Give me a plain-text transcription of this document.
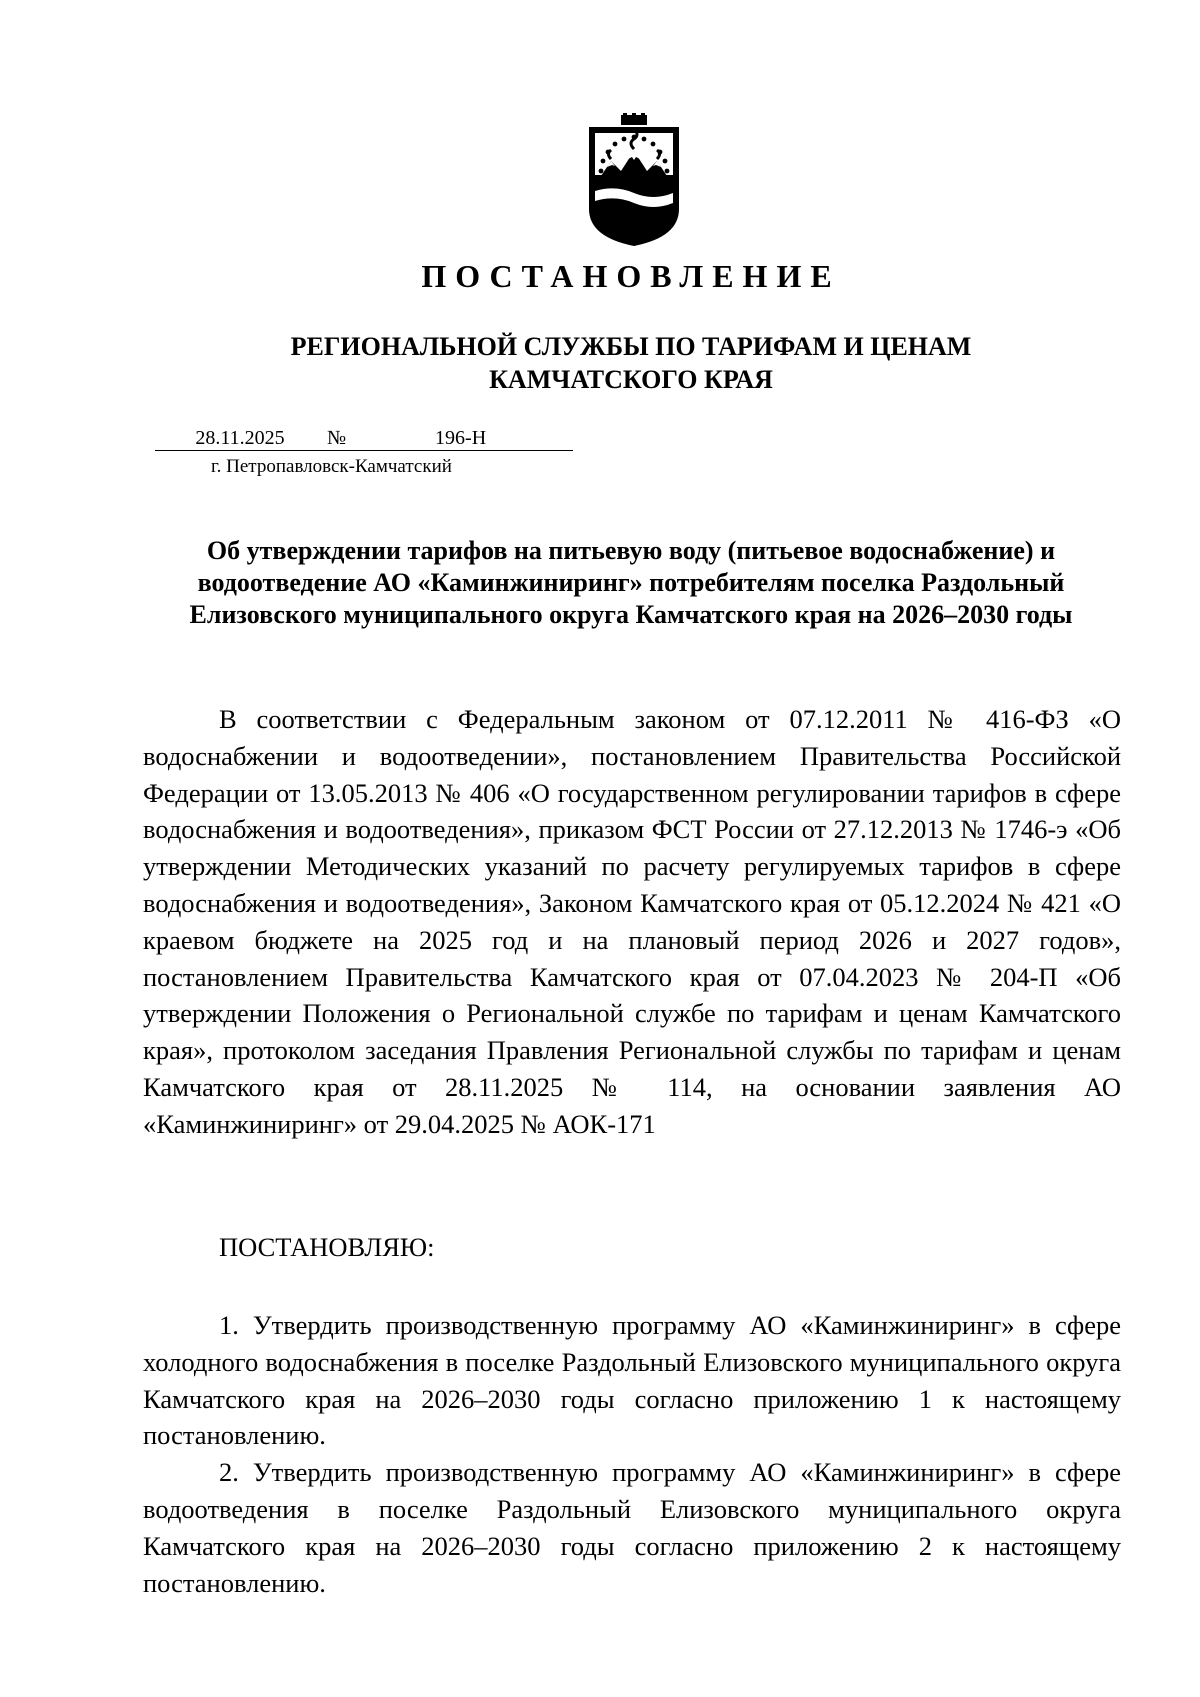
ПОСТАНОВЛЕНИЕ
РЕГИОНАЛЬНОЙ СЛУЖБЫ ПО ТАРИФАМ И ЦЕНАМ
КАМЧАТСКОГО КРАЯ
28.11.2025 №	196-Н
г. Петропавловск-Камчатский
Об утверждении тарифов на питьевую воду (питьевое водоснабжение) и водоотведение АО «Каминжиниринг» потребителям поселка Раздольный Елизовского муниципального округа Камчатского края на 2026–2030 годы

В соответствии с Федеральным законом от 07.12.2011 № 416-ФЗ «О водоснабжении и водоотведении», постановлением Правительства Российской Федерации от 13.05.2013 № 406 «О государственном регулировании тарифов в сфере водоснабжения и водоотведения», приказом ФСТ России от 27.12.2013 № 1746-э «Об утверждении Методических указаний по расчету регулируемых тарифов в сфере водоснабжения и водоотведения», Законом Камчатского края от 05.12.2024 № 421 «О краевом бюджете на 2025 год и на плановый период 2026 и 2027 годов», постановлением Правительства Камчатского края от 07.04.2023 № 204-П «Об утверждении Положения о Региональной службе по тарифам и ценам Камчатского края», протоколом заседания Правления Региональной службы по тарифам и ценам Камчатского края от 28.11.2025 № 114, на основании заявления АО «Каминжиниринг» от 29.04.2025 № АОК-171

ПОСТАНОВЛЯЮ:

1. Утвердить производственную программу АО «Каминжиниринг» в сфере холодного водоснабжения в поселке Раздольный Елизовского муниципального округа Камчатского края на 2026–2030 годы согласно приложению 1 к настоящему постановлению.

2. Утвердить производственную программу АО «Каминжиниринг» в сфере водоотведения в поселке Раздольный Елизовского муниципального округа Камчатского края на 2026–2030 годы согласно приложению 2 к настоящему постановлению.
